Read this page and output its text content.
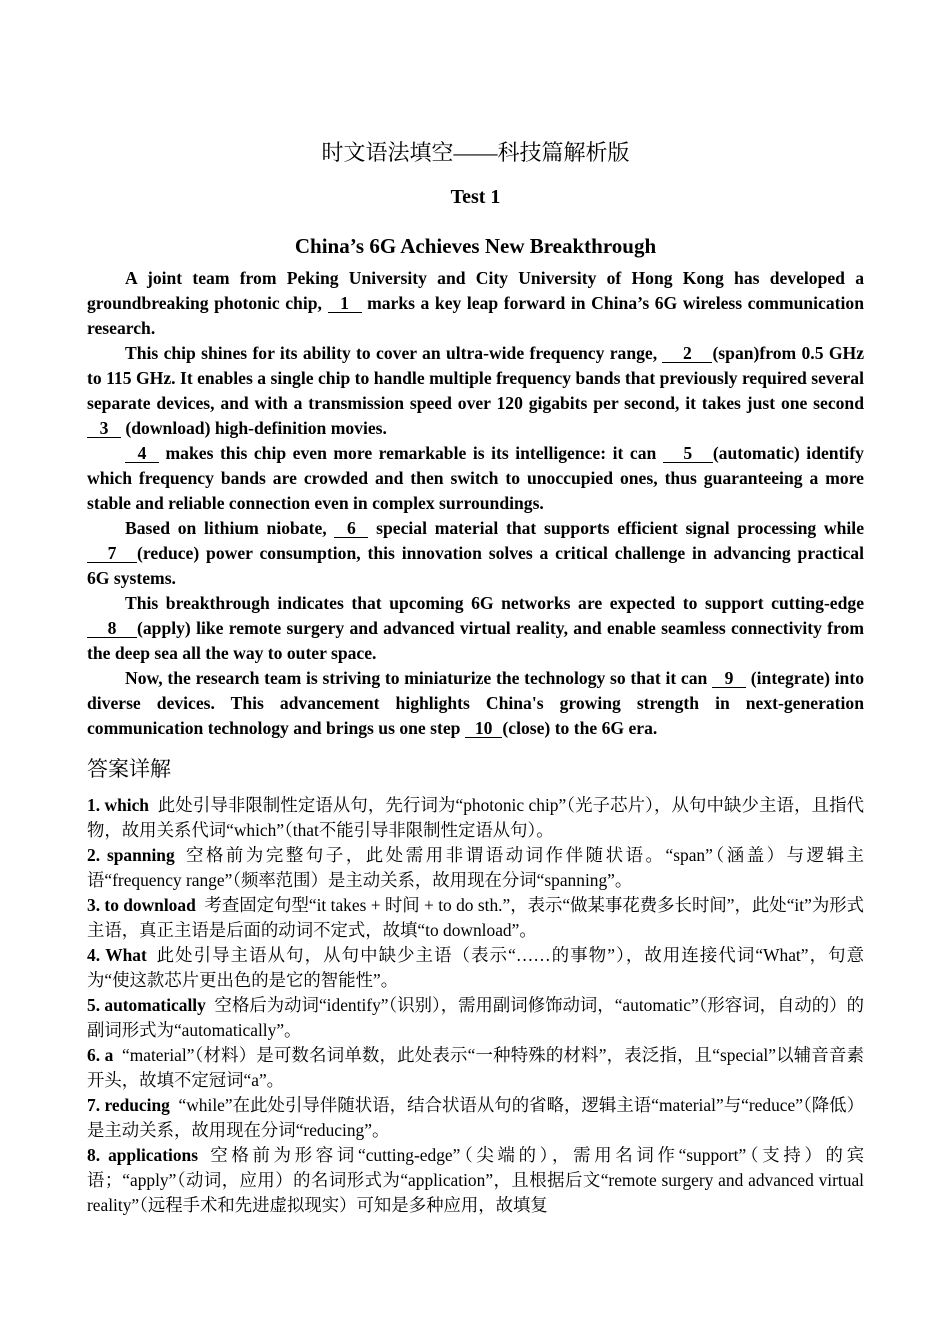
时文语法填空——科技篇解析版
Test 1
China’s 6G Achieves New Breakthrough

A joint team from Peking University and City University of Hong Kong has developed a groundbreaking photonic chip, 1 marks a key leap forward in China’s 6G wireless communication research.

This chip shines for its ability to cover an ultra-wide frequency range, 2 (span)from 0.5 GHz to 115 GHz. It enables a single chip to handle multiple frequency bands that previously required several separate devices, and with a transmission speed over 120 gigabits per second, it takes just one second3 (download) high-definition movies.

4 makes this chip even more remarkable is its intelligence: it can 5 (automatic) identify which frequency bands are crowded and then switch to unoccupied ones, thus guaranteeing a more stable and reliable connection even in complex surroundings.

Based on lithium niobate, 6 special material that supports efficient signal processing while 7 (reduce) power consumption, this innovation solves a critical challenge in advancing practical 6G systems.

This breakthrough indicates that upcoming 6G networks are expected to support cutting-edge 8 (apply) like remote surgery and advanced virtual reality, and enable seamless connectivity from the deep sea all the way to outer space.

Now, the research team is striving to miniaturize the technology so that it can 9 (integrate) into diverse devices. This advancement highlights China's growing strength in next-generation communication technology and brings us one step 10 (close) to the 6G era.

答案详解

1. which  此处引导非限制性定语从句，先行词为“photonic chip”（光子芯片），从句中缺少主语，且指代物，故用关系代词“which”（that不能引导非限制性定语从句）。

2. spanning  空格前为完整句子，此处需用非谓语动词作伴随状语。“span”（涵盖）与逻辑主语“frequency range”（频率范围）是主动关系，故用现在分词“spanning”。

3. to download  考查固定句型“it takes + 时间 + to do sth.”，表示“做某事花费多长时间”，此处“it”为形式主语，真正主语是后面的动词不定式，故填“to download”。

4. What  此处引导主语从句，从句中缺少主语（表示“……的事物”），故用连接代词“What”，句意为“使这款芯片更出色的是它的智能性”。

5. automatically  空格后为动词“identify”（识别），需用副词修饰动词，“automatic”（形容词，自动的）的副词形式为“automatically”。

6. a  “material”（材料）是可数名词单数，此处表示“一种特殊的材料”，表泛指，且“special”以辅音音素开头，故填不定冠词“a”。

7. reducing  “while”在此处引导伴随状语，结合状语从句的省略，逻辑主语“material”与“reduce”（降低）是主动关系，故用现在分词“reducing”。

8. applications  空格前为形容词“cutting-edge”（尖端的），需用名词作“support”（支持）的宾语；“apply”（动词，应用）的名词形式为“application”，且根据后文“remote surgery and advanced virtual reality”（远程手术和先进虚拟现实）可知是多种应用，故填复
